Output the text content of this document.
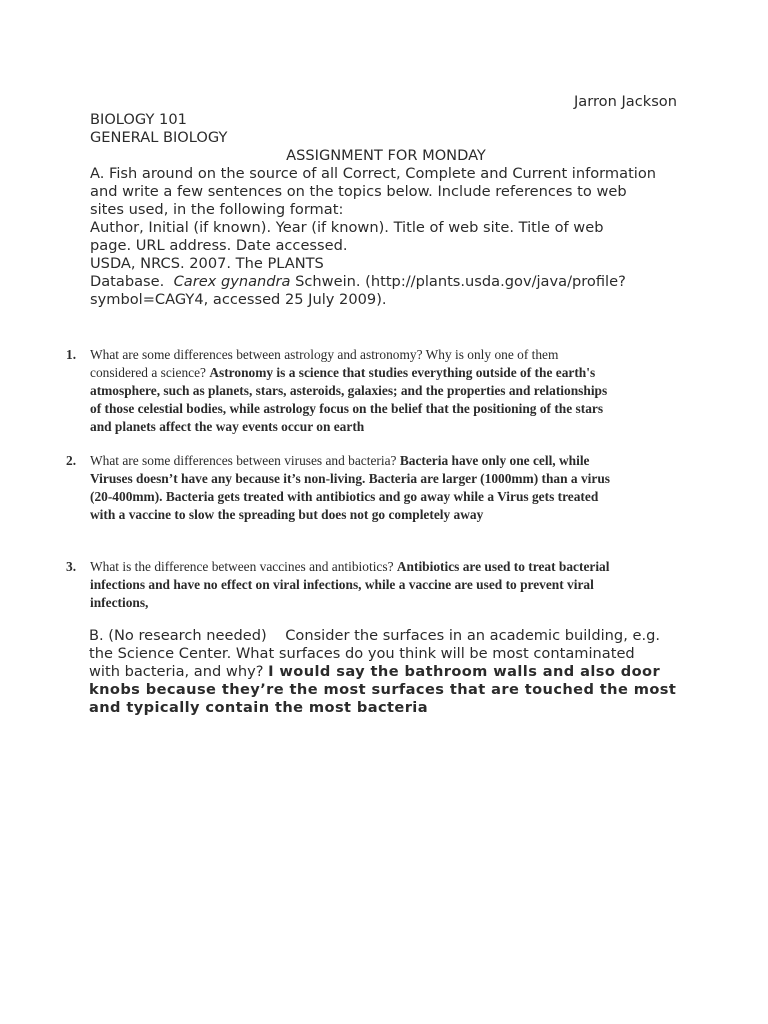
Jarron Jackson
BIOLOGY 101
GENERAL BIOLOGY
ASSIGNMENT FOR MONDAY
A. Fish around on the source of all Correct, Complete and Current information
and write a few sentences on the topics below. Include references to web
sites used, in the following format:
Author, Initial (if known). Year (if known). Title of web site. Title of web
page. URL address. Date accessed.
USDA, NRCS. 2007. The PLANTS
Database.  Carex gynandra Schwein. (http://plants.usda.gov/java/profile?
symbol=CAGY4, accessed 25 July 2009).
1.	What are some differences between astrology and astronomy? Why is only one of them
considered a science? Astronomy is a science that studies everything outside of the earth's
atmosphere, such as planets, stars, asteroids, galaxies; and the properties and relationships
of those celestial bodies, while astrology focus on the belief that the positioning of the stars
and planets affect the way events occur on earth
2.	What are some differences between viruses and bacteria? Bacteria have only one cell, while
Viruses doesn’t have any because it’s non-living. Bacteria are larger (1000mm) than a virus
(20-400mm). Bacteria gets treated with antibiotics and go away while a Virus gets treated
with a vaccine to slow the spreading but does not go completely away
3.	What is the difference between vaccines and antibiotics? Antibiotics are used to treat bacterial
infections and have no effect on viral infections, while a vaccine are used to prevent viral
infections,
B. (No research needed)    Consider the surfaces in an academic building, e.g.
the Science Center. What surfaces do you think will be most contaminated
with bacteria, and why? I would say the bathroom walls and also door
knobs because they’re the most surfaces that are touched the most
and typically contain the most bacteria
